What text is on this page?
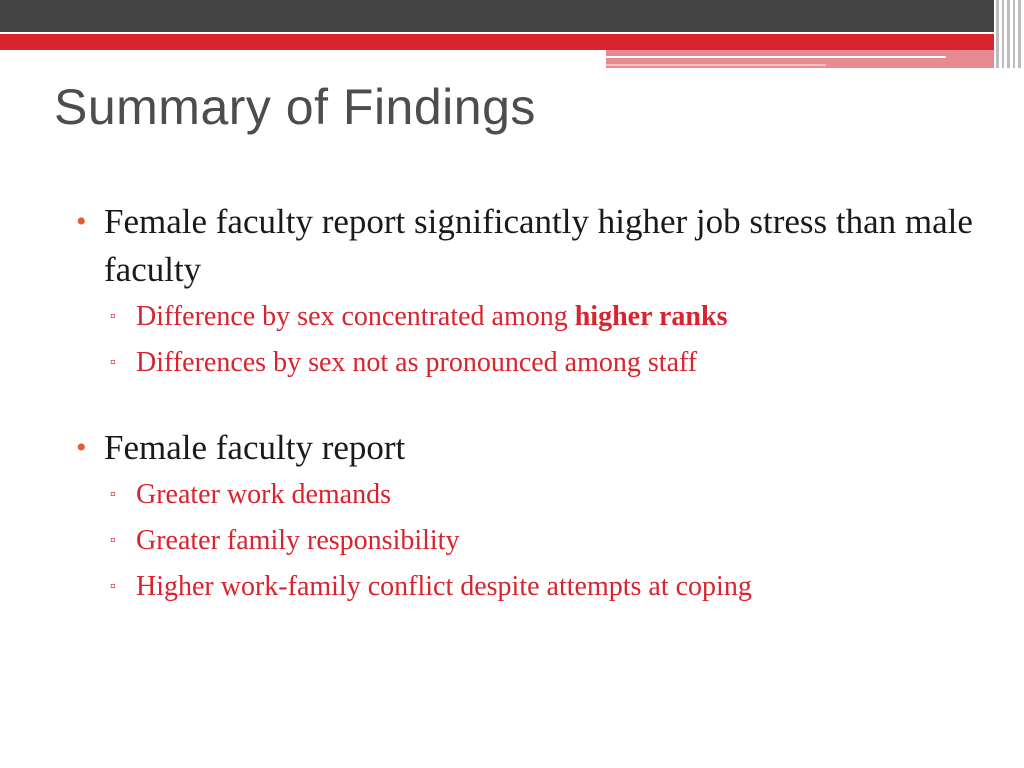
Summary of Findings
• Female faculty report significantly higher job stress than male faculty
▫ Difference by sex concentrated among higher ranks
▫ Differences by sex not as pronounced among staff
• Female faculty report
▫ Greater work demands
▫ Greater family responsibility
▫ Higher work-family conflict despite attempts at coping
